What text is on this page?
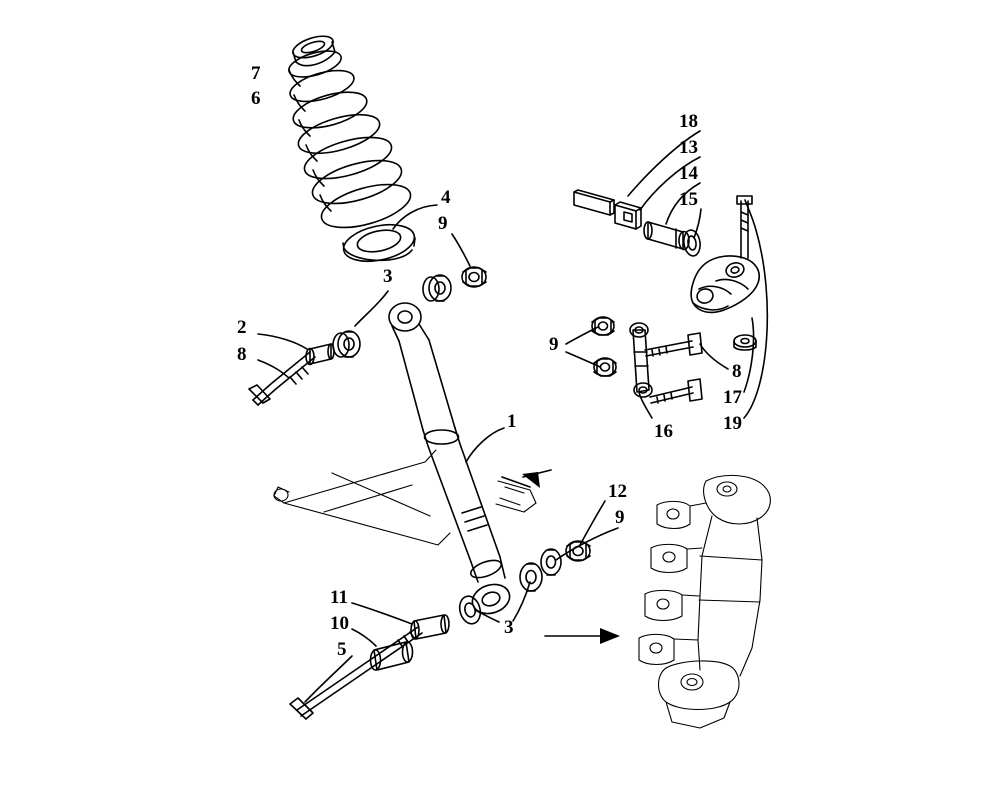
7
6
4
9
3
2
8
1
18
13
14
15
9
8
17
19
16
12
9
11
10
5
3
